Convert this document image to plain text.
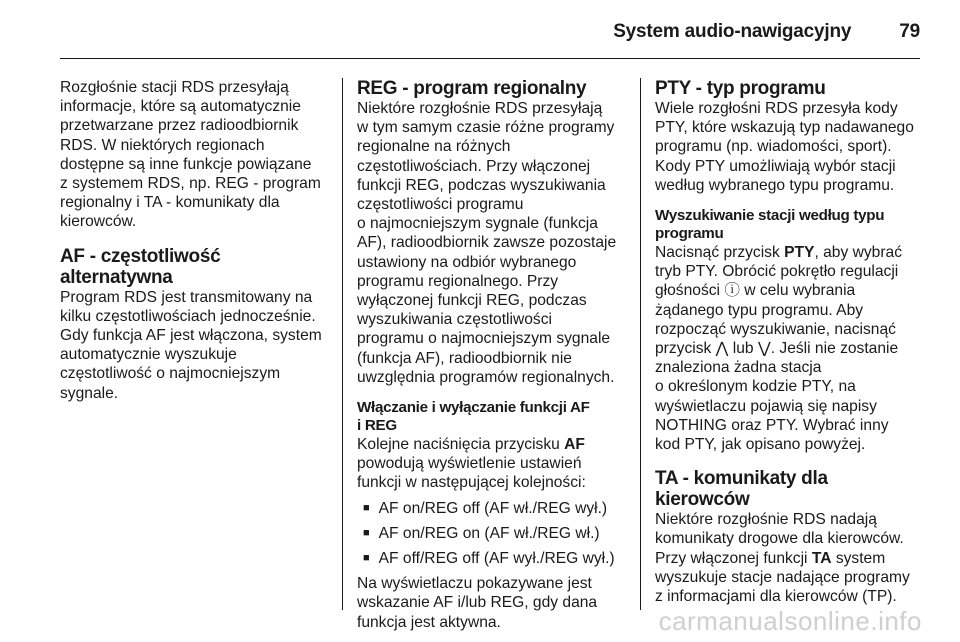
System audio-nawigacyjny	79

Rozgłośnie stacji RDS przesyłają
informacje, które są automatycznie
przetwarzane przez radioodbiornik
RDS. W niektórych regionach
dostępne są inne funkcje powiązane
z systemem RDS, np. REG - program
regionalny i TA - komunikaty dla
kierowców.

AF - częstotliwość alternatywna

Program RDS jest transmitowany na
kilku częstotliwościach jednocześnie.
Gdy funkcja AF jest włączona, system
automatycznie wyszukuje
częstotliwość o najmocniejszym
sygnale.

REG - program regionalny

Niektóre rozgłośnie RDS przesyłają
w tym samym czasie różne programy
regionalne na różnych
częstotliwościach. Przy włączonej
funkcji REG, podczas wyszukiwania
częstotliwości programu
o najmocniejszym sygnale (funkcja
AF), radioodbiornik zawsze pozostaje
ustawiony na odbiór wybranego
programu regionalnego. Przy
wyłączonej funkcji REG, podczas
wyszukiwania częstotliwości
programu o najmocniejszym sygnale
(funkcja AF), radioodbiornik nie
uwzględnia programów regionalnych.

Włączanie i wyłączanie funkcji AF
i REG

Kolejne naciśnięcia przycisku AF
powodują wyświetlenie ustawień
funkcji w następującej kolejności:

■ AF on/REG off (AF wł./REG wył.)
■ AF on/REG on (AF wł./REG wł.)
■ AF off/REG off (AF wył./REG wył.)

Na wyświetlaczu pokazywane jest
wskazanie AF i/lub REG, gdy dana
funkcja jest aktywna.

PTY - typ programu

Wiele rozgłośni RDS przesyła kody
PTY, które wskazują typ nadawanego
programu (np. wiadomości, sport).
Kody PTY umożliwiają wybór stacji
według wybranego typu programu.

Wyszukiwanie stacji według typu
programu

Nacisnąć przycisk PTY, aby wybrać
tryb PTY. Obrócić pokrętło regulacji
głośności ⓘ w celu wybrania
żądanego typu programu. Aby
rozpocząć wyszukiwanie, nacisnąć
przycisk ⋀ lub ⋁. Jeśli nie zostanie
znaleziona żadna stacja
o określonym kodzie PTY, na
wyświetlaczu pojawią się napisy
NOTHING oraz PTY. Wybrać inny
kod PTY, jak opisano powyżej.

TA - komunikaty dla kierowców

Niektóre rozgłośnie RDS nadają
komunikaty drogowe dla kierowców.
Przy włączonej funkcji TA system
wyszukuje stacje nadające programy
z informacjami dla kierowców (TP).

carmanualsonline.info
